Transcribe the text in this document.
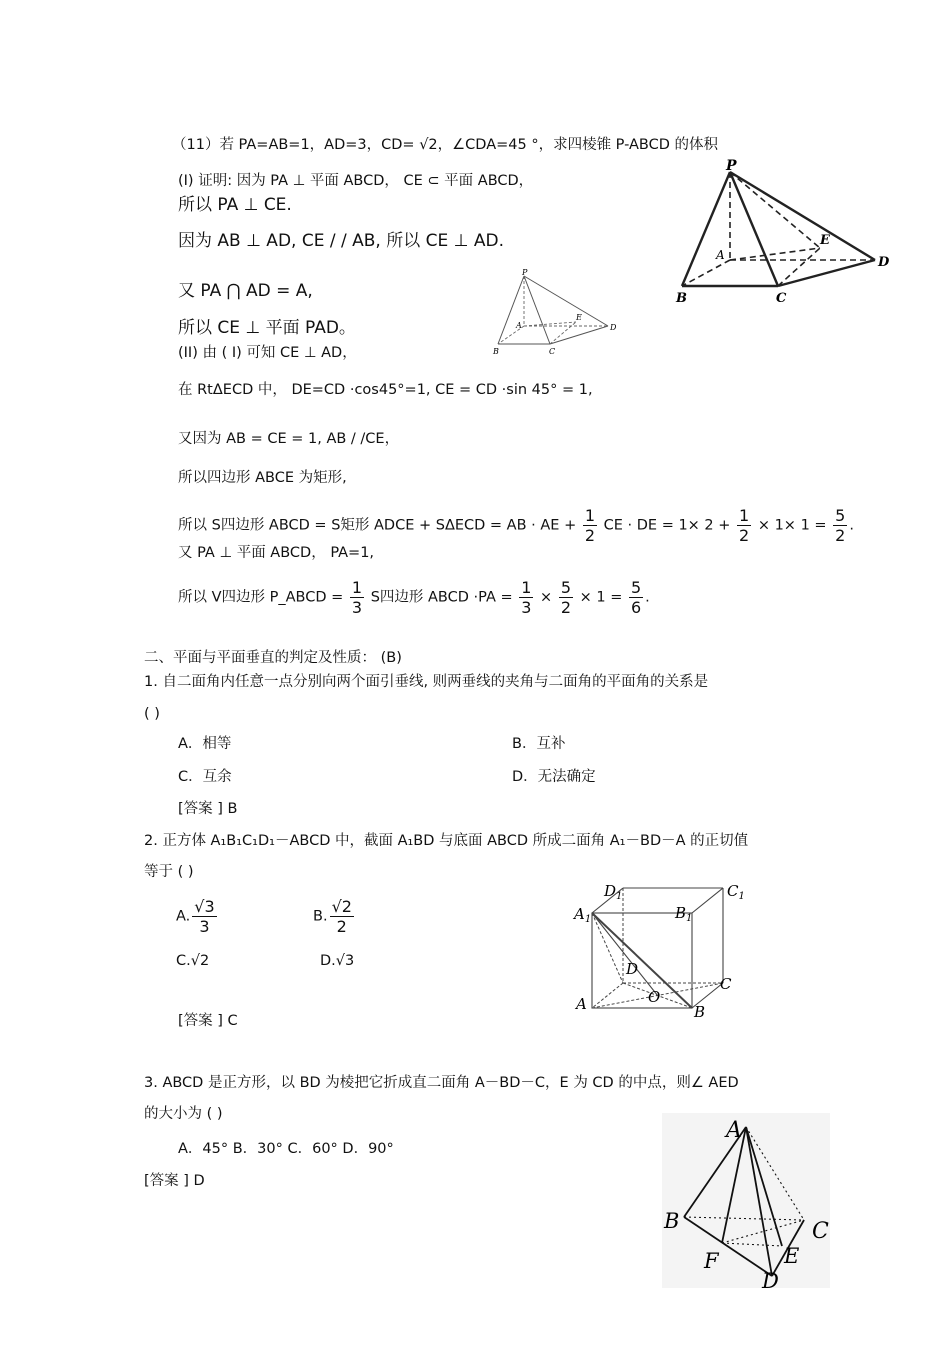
（11）若 PA=AB=1，AD=3，CD= √2，∠CDA=45 °，求四棱锥 P-ABCD 的体积
(I) 证明: 因为 PA ⊥ 平面 ABCD， CE ⊂ 平面 ABCD，
所以 PA ⊥ CE.
因为 AB ⊥ AD, CE / / AB, 所以 CE ⊥ AD.
又 PA ⋂ AD = A,
所以 CE ⊥ 平面 PAD。
(II) 由 ( I) 可知 CE ⊥ AD，
在 RtΔECD 中， DE=CD ·cos45°=1, CE = CD ·sin 45° = 1,
又因为 AB = CE = 1, AB / /CE，
所以四边形 ABCE 为矩形,
所以 S四边形 ABCD = S矩形 ADCE + SΔECD = AB · AE + $\frac{1}{2}$ CE · DE = $1\times 2 + \frac{1}{2} \times 1\times 1 = \frac{5}{2}$ .
又 PA ⊥ 平面 ABCD， PA=1,
所以 V四边形 P_ABCD = $\frac{1}{3}$ S四边形 ABCD $\cdot PA = \frac{1}{3} \times \frac{5}{2} \times 1 = \frac{5}{6}$ .
二、平面与平面垂直的判定及性质： (B)
1. 自二面角内任意一点分别向两个面引垂线, 则两垂线的夹角与二面角的平面角的关系是
( )
A．相等	B．互补
C．互余	D．无法确定
[答案 ] B
2. 正方体 A₁B₁C₁D₁－ABCD 中，截面 A₁BD 与底面 ABCD 所成二面角 A₁－BD－A 的正切值
等于 ( )
A. $\frac{√3}{3}$	B. $\frac{√2}{2}$
C.√2	D.√3
[答案 ] C
3. ABCD 是正方形，以 BD 为棱把它折成直二面角 A－BD－C，E 为 CD 的中点，则∠ AED
的大小为 ( )
A．45° B．30° C．60° D．90°
[答案 ] D
P
A
B	C
D
E
P
A
B	C
D
E
$D_1$	$C_1$
$A_1$	$B_1$
D
C
A	B
O
A
B	C
D
E
F
